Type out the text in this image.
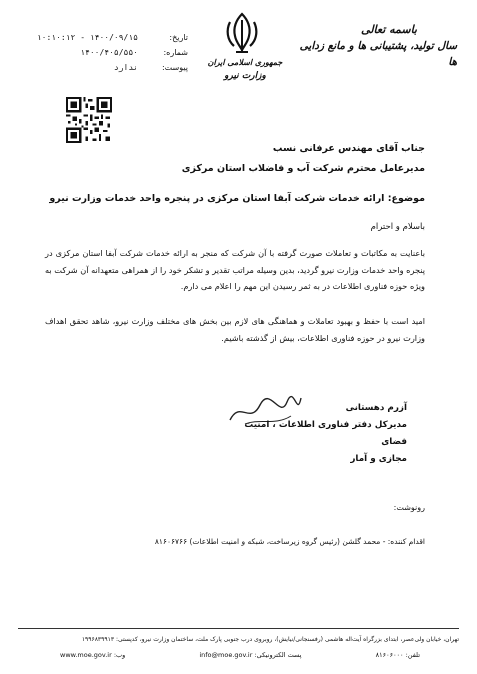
باسمه تعالی
سال تولید، پشتیبانی ها و مانع زدایی ها
جمهوری اسلامی ایران
وزارت نیرو
تاریخ:
۱۴۰۰/۰۹/۱۵ - ۱۰:۱۰:۱۲
شماره:
۱۴۰۰/۴۰۵/۵۵۰
پیوست:
ندارد
جناب آقای مهندس عرفانی نسب
مدیرعامل محترم شرکت آب و فاضلاب استان مرکزی
موضوع: ارائه خدمات شرکت آبفا استان مرکزی در پنجره واحد خدمات وزارت نیرو
باسلام و احترام
باعنایت به مکاتبات و تعاملات صورت گرفته با آن شرکت که منجر به ارائه خدمات شرکت آبفا استان مرکزی در پنجره واحد خدمات وزارت نیرو گردید، بدین وسیله مراتب تقدیر و تشکر خود را از همراهی متعهدانه آن شرکت به ویژه حوزه فناوری اطلاعات در به ثمر رسیدن این مهم را اعلام می دارم.
امید است با حفظ و بهبود تعاملات و هماهنگی های لازم بین بخش های مختلف وزارت نیرو، شاهد تحقق اهداف وزارت نیرو در حوزه فناوری اطلاعات، بیش از گذشته باشیم.
آزرم دهستانی
مدیرکل دفتر فناوری اطلاعات ، امنیت فضای
مجازی و آمار
رونوشت:
اقدام کننده: - محمد گلشن (رئیس گروه زیرساخت، شبکه و امنیت اطلاعات) ۸۱۶۰۶۷۶۶
تهران، خیابان ولی‌عصر، ابتدای بزرگراه آیت‌اله هاشمی (رفسنجانی/نیایش)، روبروی درب جنوبی پارک ملت، ساختمان وزارت نیرو، کدپستی: ۱۹۹۶۸۳۹۹۱۳
تلفن: ۸۱۶۰۶۰۰۰
پست الکترونیکی: info@moe.gov.ir
وب: www.moe.gov.ir
